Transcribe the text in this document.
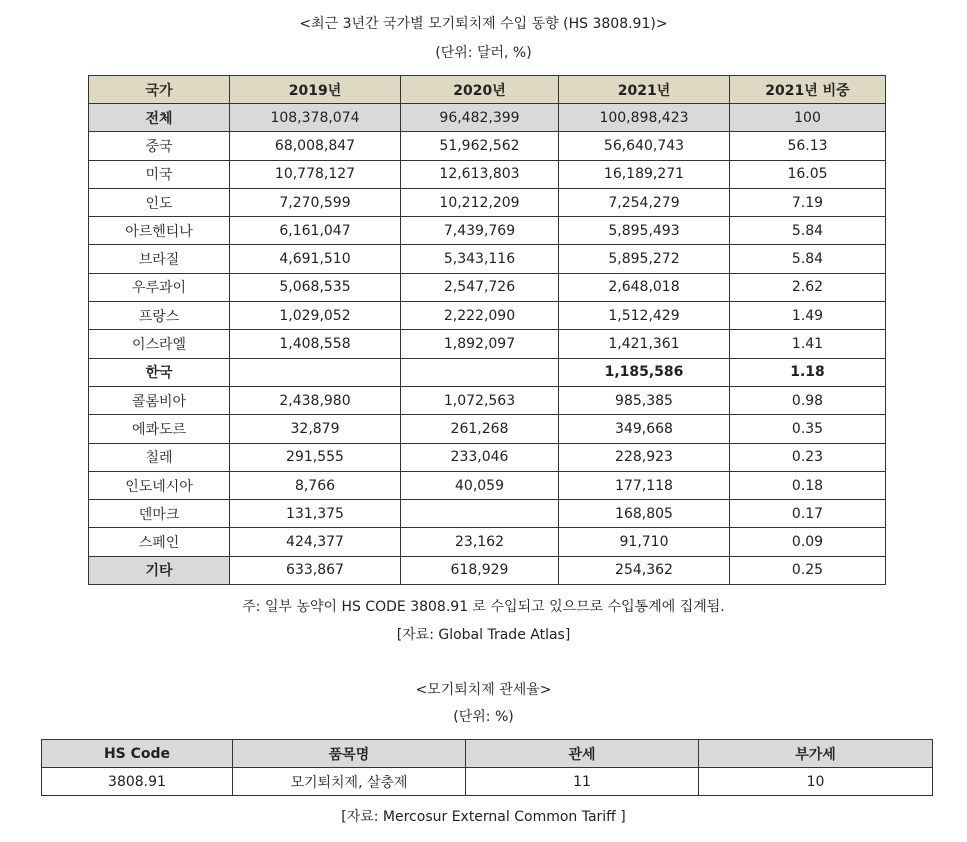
<최근 3년간 국가별 모기퇴치제 수입 동향 (HS 3808.91)>
(단위: 달러, %)
국가	2019년	2020년	2021년	2021년 비중
전체	108,378,074	96,482,399	100,898,423	100
중국	68,008,847	51,962,562	56,640,743	56.13
미국	10,778,127	12,613,803	16,189,271	16.05
인도	7,270,599	10,212,209	7,254,279	7.19
아르헨티나	6,161,047	7,439,769	5,895,493	5.84
브라질	4,691,510	5,343,116	5,895,272	5.84
우루과이	5,068,535	2,547,726	2,648,018	2.62
프랑스	1,029,052	2,222,090	1,512,429	1.49
이스라엘	1,408,558	1,892,097	1,421,361	1.41
한국			1,185,586	1.18
콜롬비아	2,438,980	1,072,563	985,385	0.98
에콰도르	32,879	261,268	349,668	0.35
칠레	291,555	233,046	228,923	0.23
인도네시아	8,766	40,059	177,118	0.18
덴마크	131,375		168,805	0.17
스페인	424,377	23,162	91,710	0.09
기타	633,867	618,929	254,362	0.25
주: 일부 농약이 HS CODE 3808.91 로 수입되고 있으므로 수입통계에 집계됨.
[자료: Global Trade Atlas]
<모기퇴치제 관세율>
(단위: %)
HS Code	품목명	관세	부가세
3808.91	모기퇴치제, 살충제	11	10
[자료: Mercosur External Common Tariff ]
